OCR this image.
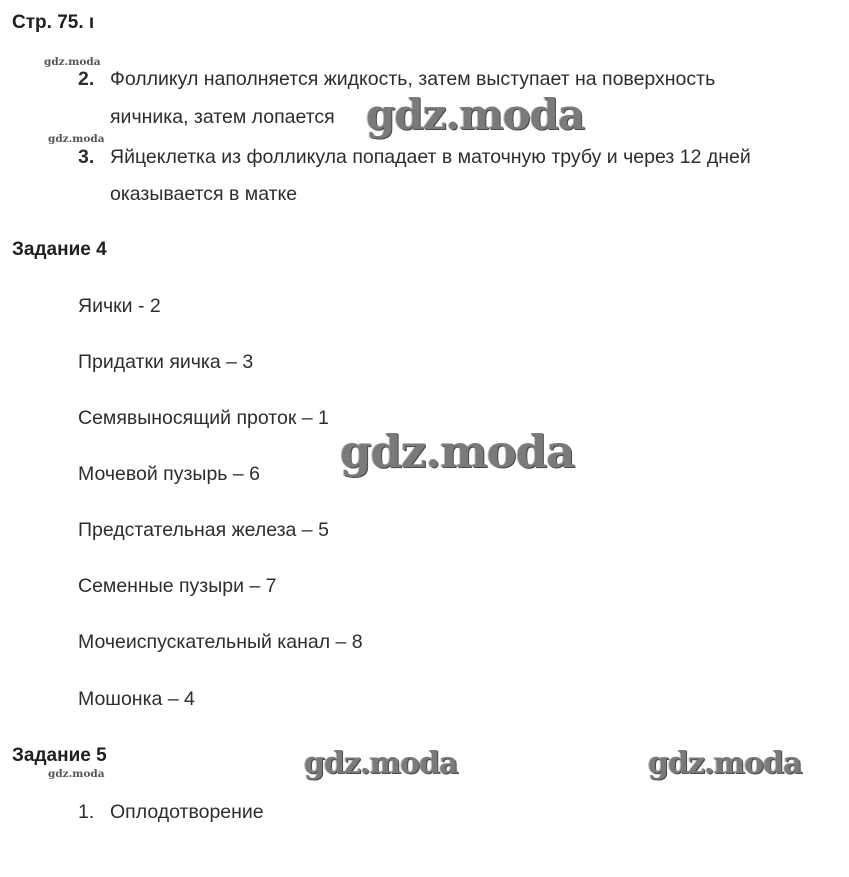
Стр. 75. ı
gdz.moda
gdz.moda
gdz.moda
2. Фолликул наполняется жидкость, затем выступает на поверхность
яичника, затем лопается
3. Яйцеклетка из фолликула попадает в маточную трубу и через 12 дней
оказывается в матке
gdz.moda
Задание 4
Яички - 2
Придатки яичка – 3
Семявыносящий проток – 1
Мочевой пузырь – 6
Предстательная железа – 5
Семенные пузыри – 7
Мочеиспускательный канал – 8
Мошонка – 4
gdz.moda
Задание 5	gdz.moda	gdz.moda
1. Оплодотворение
